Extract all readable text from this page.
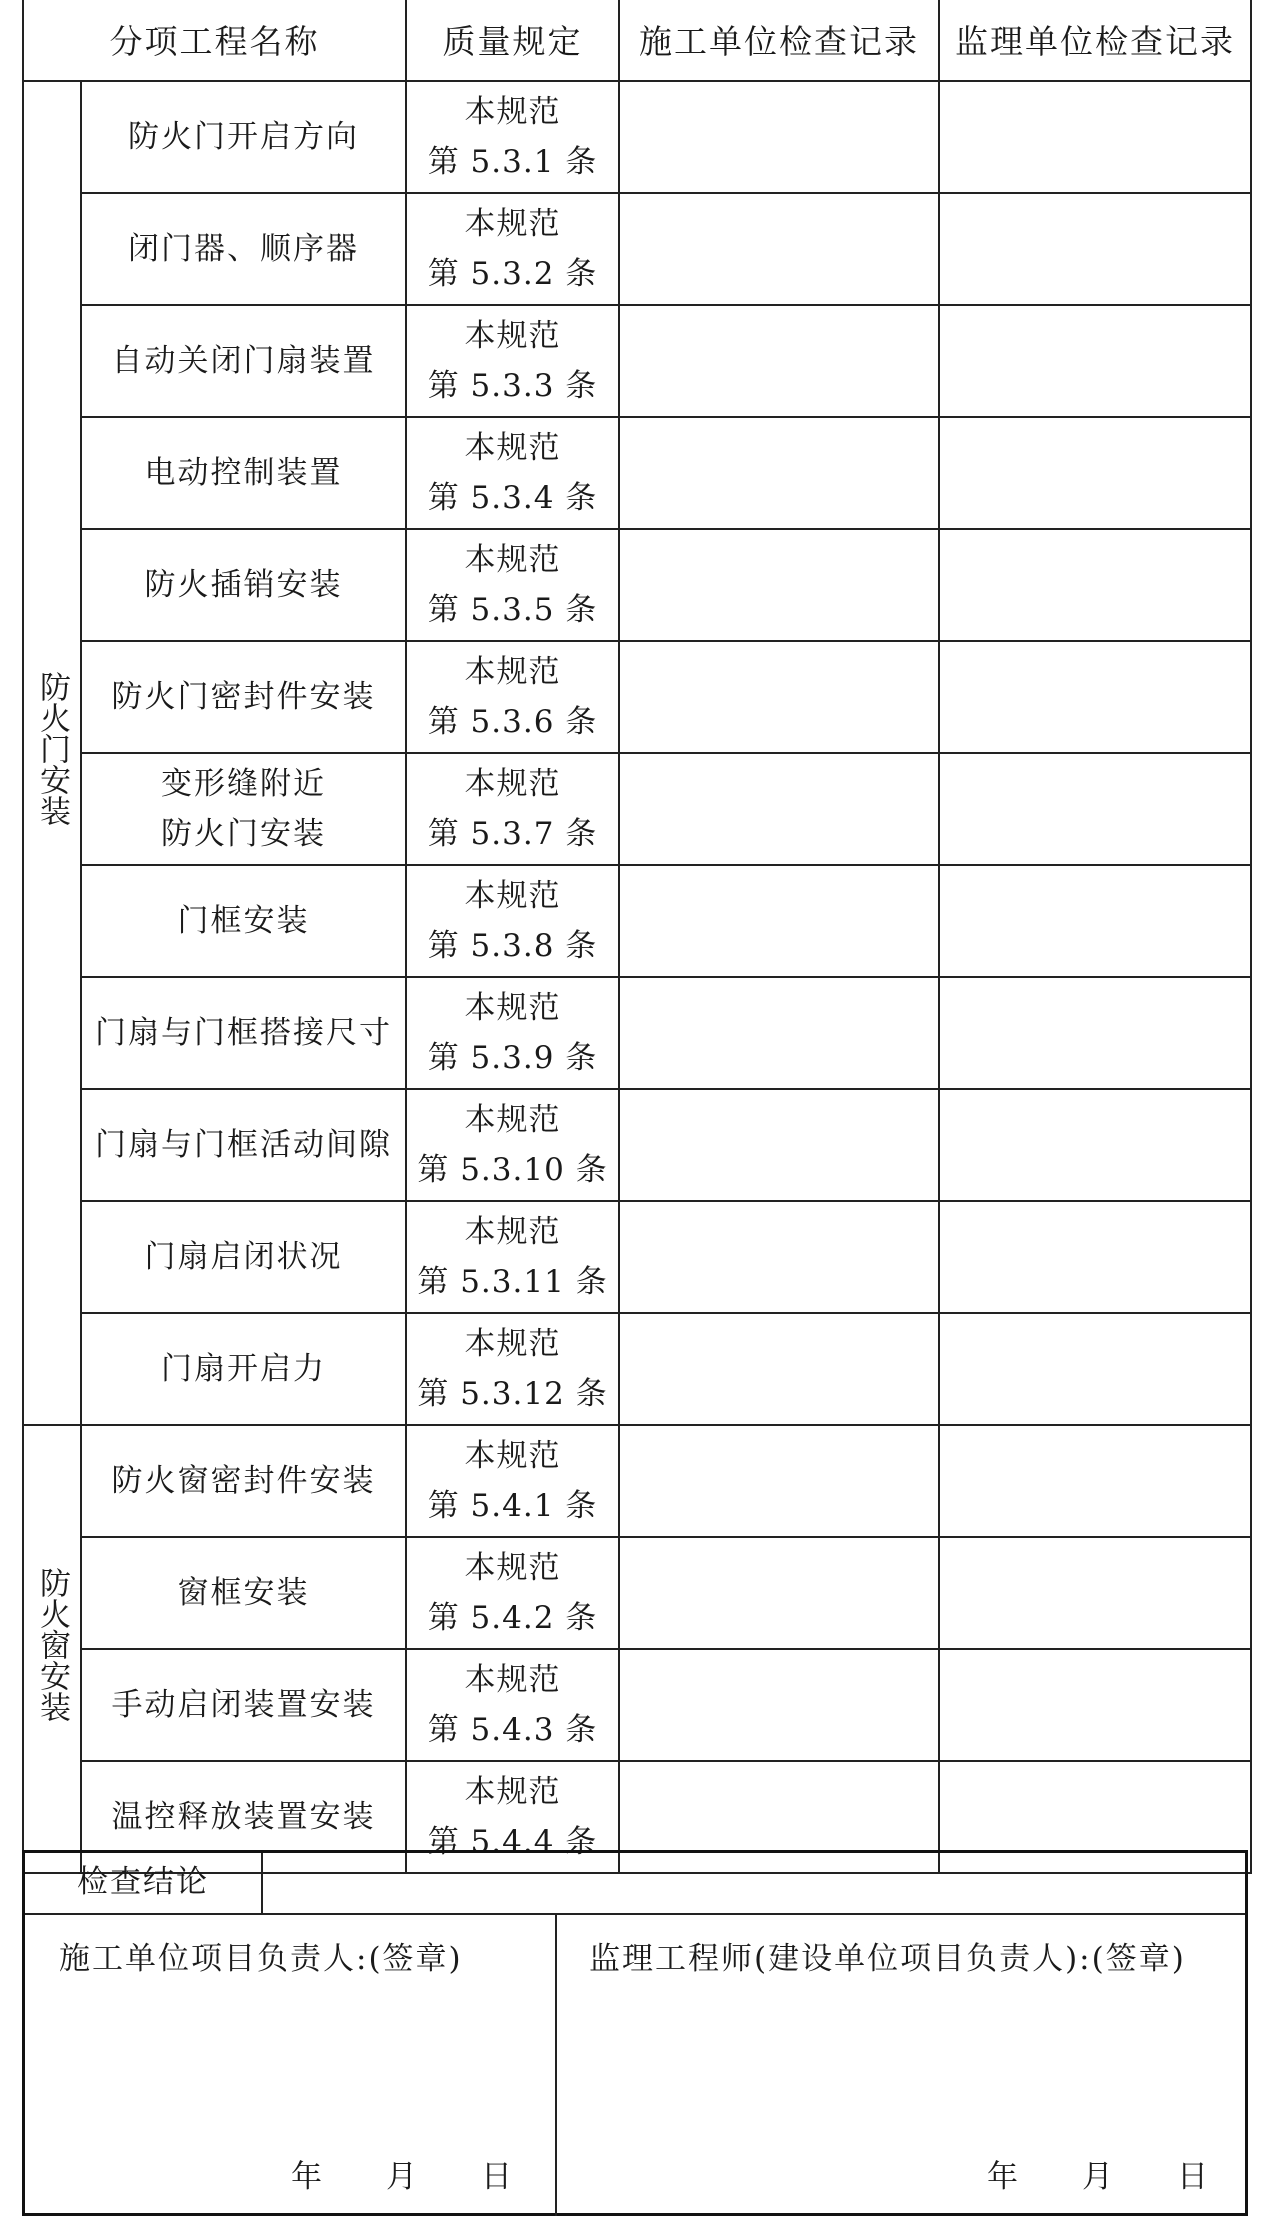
分项工程名称		质量规定	施工单位检查记录	监理单位检查记录
防火门安装	防火门开启方向	本规范
第 5.3.1 条		

	闭门器、顺序器	本规范
第 5.3.2 条		

	自动关闭门扇装置	本规范
第 5.3.3 条		

	电动控制装置	本规范
第 5.3.4 条		

	防火插销安装	本规范
第 5.3.5 条		

	防火门密封件安装	本规范
第 5.3.6 条		

	变形缝附近
防火门安装	本规范
第 5.3.7 条		

	门框安装	本规范
第 5.3.8 条		

	门扇与门框搭接尺寸	本规范
第 5.3.9 条		

	门扇与门框活动间隙	本规范
第 5.3.10 条		

	门扇启闭状况	本规范
第 5.3.11 条		

	门扇开启力	本规范
第 5.3.12 条		

防火窗安装	防火窗密封件安装	本规范
第 5.4.1 条		

	窗框安装	本规范
第 5.4.2 条		

	手动启闭装置安装	本规范
第 5.4.3 条		

	温控释放装置安装	本规范
第 5.4.4 条		

检查结论
施工单位项目负责人:(签章)	监理工程师(建设单位项目负责人):(签章)
年 月 日	年 月 日
